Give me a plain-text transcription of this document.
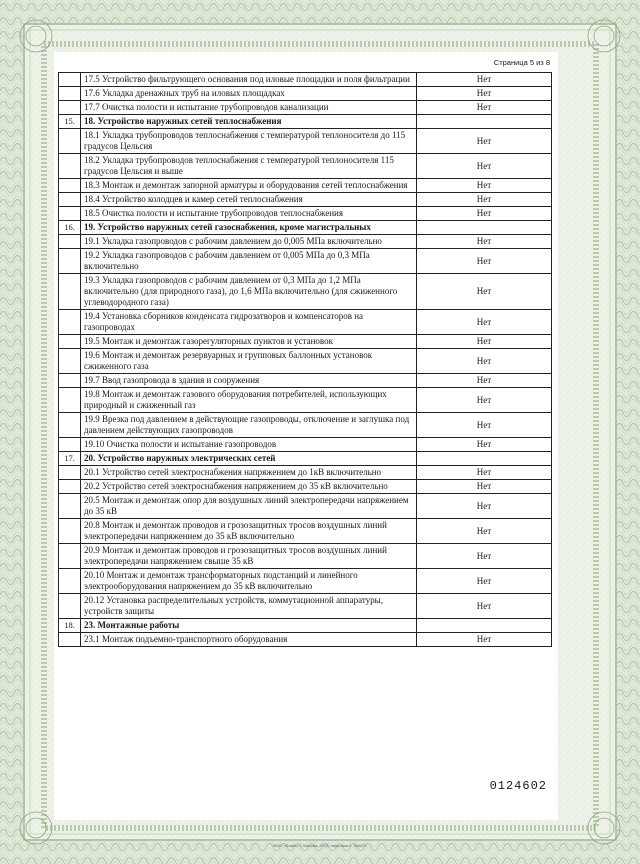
Страница 5 из 8
	17.5 Устройство фильтрующего основания под иловые площадки и поля фильтрации	Нет
	17.6 Укладка дренажных труб на иловых площадках	Нет
	17.7 Очистка полости и испытание трубопроводов канализации	Нет
15.	18. Устройство наружных сетей теплоснабжения	
	18.1 Укладка трубопроводов теплоснабжения с температурой теплоносителя до 115 градусов Цельсия	Нет
	18.2 Укладка трубопроводов теплоснабжения с температурой теплоносителя 115 градусов Цельсия и выше	Нет
	18.3 Монтаж и демонтаж запорной арматуры и оборудования сетей теплоснабжения	Нет
	18.4 Устройство колодцев и камер сетей теплоснабжения	Нет
	18.5 Очистка полости и испытание трубопроводов теплоснабжения	Нет
16.	19. Устройство наружных сетей газоснабжения, кроме магистральных	
	19.1 Укладка газопроводов с рабочим давлением до 0,005 МПа включительно	Нет
	19.2 Укладка газопроводов с рабочим давлением от 0,005 МПа до 0,3 МПа включительно	Нет
	19.3 Укладка газопроводов с рабочим давлением от 0,3 МПа до 1,2 МПа включительно (для природного газа), до 1,6 МПа включительно (для сжиженного углеводородного газа)	Нет
	19.4 Установка сборников конденсата гидрозатворов и компенсаторов на газопроводах	Нет
	19.5 Монтаж и демонтаж газорегуляторных пунктов и установок	Нет
	19.6 Монтаж и демонтаж резервуарных и групповых баллонных установок сжиженного газа	Нет
	19.7 Ввод газопровода в здания и сооружения	Нет
	19.8 Монтаж и демонтаж газового оборудования потребителей, использующих природный и сжиженный газ	Нет
	19.9 Врезка под давлением в действующие газопроводы, отключение и заглушка под давлением действующих газопроводов	Нет
	19.10 Очистка полости и испытание газопроводов	Нет
17.	20. Устройство наружных электрических сетей	
	20.1 Устройство сетей электроснабжения напряжением до 1кВ включительно	Нет
	20.2 Устройство сетей электроснабжения напряжением до 35 кВ включительно	Нет
	20.5 Монтаж и демонтаж опор для воздушных линий электропередачи напряжением до 35 кВ	Нет
	20.8 Монтаж и демонтаж проводов и грозозащитных тросов воздушных линий электропередачи напряжением до 35 кВ включительно	Нет
	20.9 Монтаж и демонтаж проводов и грозозащитных тросов воздушных линий электропередачи напряжением свыше 35 кВ	Нет
	20.10 Монтаж и демонтаж трансформаторных подстанций и линейного электрооборудования напряжением до 35 кВ включительно	Нет
	20.12 Установка распределительных устройств, коммутационной аппаратуры, устройств защиты	Нет
18.	23. Монтажные работы	
	23.1 Монтаж подъемно-транспортного оборудования	Нет
0124602
ФОО «Бланк» г. Москва, 2015, лицензия л. №4574
